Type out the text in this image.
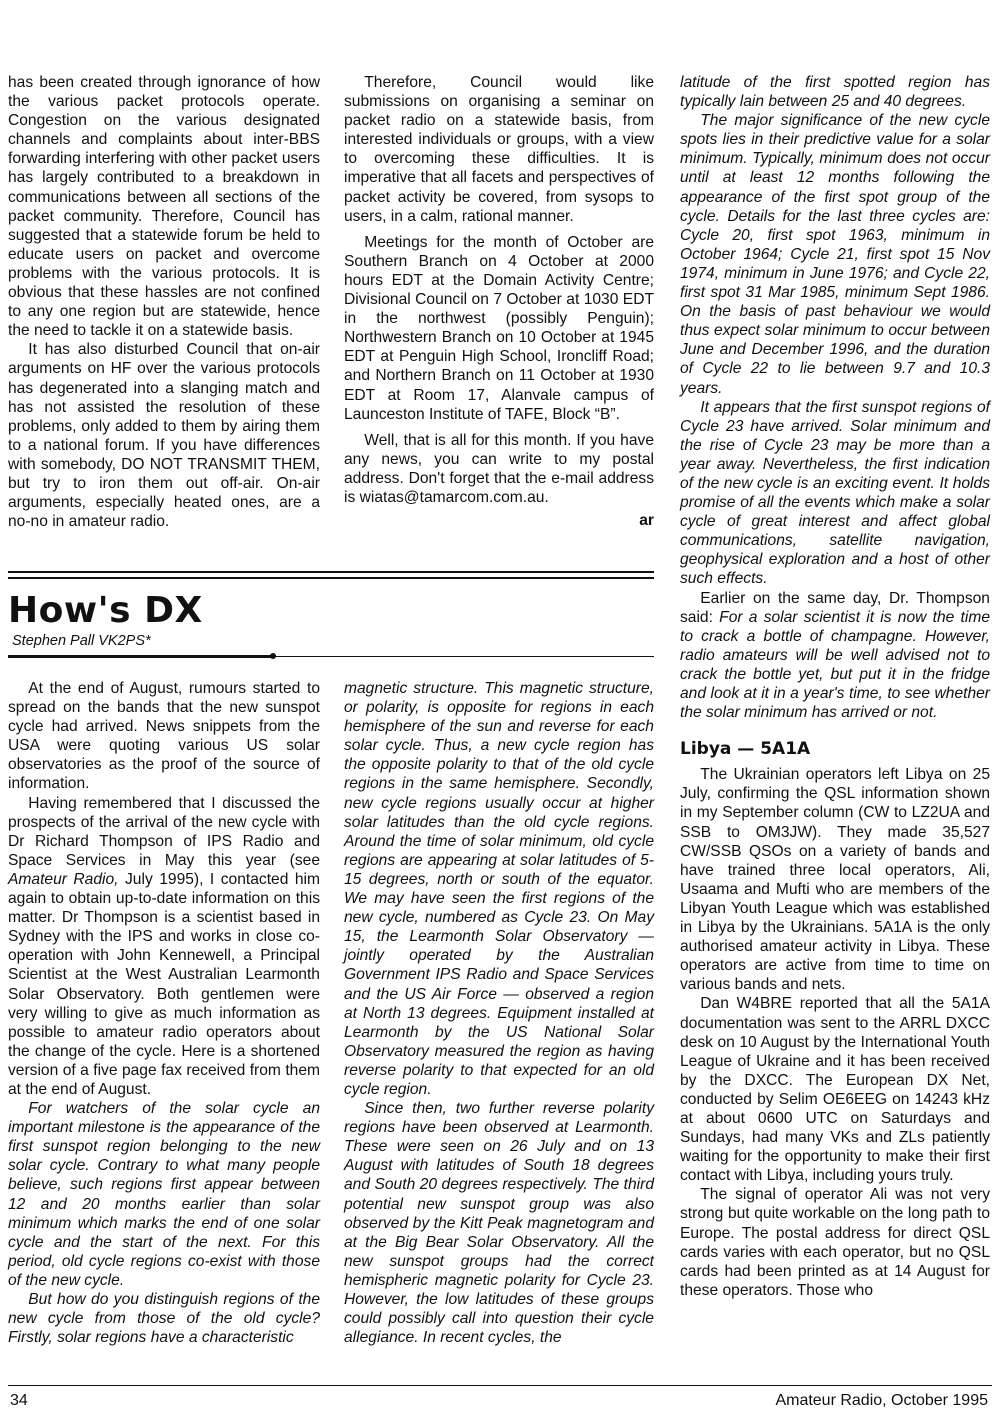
has been created through ignorance of how the various packet protocols operate. Congestion on the various designated channels and complaints about inter-BBS forwarding interfering with other packet users has largely contributed to a breakdown in communications between all sections of the packet community. Therefore, Council has suggested that a statewide forum be held to educate users on packet and overcome problems with the various protocols. It is obvious that these hassles are not confined to any one region but are statewide, hence the need to tackle it on a statewide basis.

It has also disturbed Council that on-air arguments on HF over the various protocols has degenerated into a slanging match and has not assisted the resolution of these problems, only added to them by airing them to a national forum. If you have differences with somebody, DO NOT TRANSMIT THEM, but try to iron them out off-air. On-air arguments, especially heated ones, are a no-no in amateur radio.

Therefore, Council would like submissions on organising a seminar on packet radio on a statewide basis, from interested individuals or groups, with a view to overcoming these difficulties. It is imperative that all facets and perspectives of packet activity be covered, from sysops to users, in a calm, rational manner.

Meetings for the month of October are Southern Branch on 4 October at 2000 hours EDT at the Domain Activity Centre; Divisional Council on 7 October at 1030 EDT in the northwest (possibly Penguin); Northwestern Branch on 10 October at 1945 EDT at Penguin High School, Ironcliff Road; and Northern Branch on 11 October at 1930 EDT at Room 17, Alanvale campus of Launceston Institute of TAFE, Block “B”.

Well, that is all for this month. If you have any news, you can write to my postal address. Don't forget that the e-mail address is wiatas@tamarcom.com.au.

ar

latitude of the first spotted region has typically lain between 25 and 40 degrees.

The major significance of the new cycle spots lies in their predictive value for a solar minimum. Typically, minimum does not occur until at least 12 months following the appearance of the first spot group of the cycle. Details for the last three cycles are: Cycle 20, first spot 1963, minimum in October 1964; Cycle 21, first spot 15 Nov 1974, minimum in June 1976; and Cycle 22, first spot 31 Mar 1985, minimum Sept 1986. On the basis of past behaviour we would thus expect solar minimum to occur between June and December 1996, and the duration of Cycle 22 to lie between 9.7 and 10.3 years.

It appears that the first sunspot regions of Cycle 23 have arrived. Solar minimum and the rise of Cycle 23 may be more than a year away. Nevertheless, the first indication of the new cycle is an exciting event. It holds promise of all the events which make a solar cycle of great interest and affect global communications, satellite navigation, geophysical exploration and a host of other such effects.

Earlier on the same day, Dr. Thompson said: For a solar scientist it is now the time to crack a bottle of champagne. However, radio amateurs will be well advised not to crack the bottle yet, but put it in the fridge and look at it in a year's time, to see whether the solar minimum has arrived or not.

Libya — 5A1A

The Ukrainian operators left Libya on 25 July, confirming the QSL information shown in my September column (CW to LZ2UA and SSB to OM3JW). They made 35,527 CW/SSB QSOs on a variety of bands and have trained three local operators, Ali, Usaama and Mufti who are members of the Libyan Youth League which was established in Libya by the Ukrainians. 5A1A is the only authorised amateur activity in Libya. These operators are active from time to time on various bands and nets.

Dan W4BRE reported that all the 5A1A documentation was sent to the ARRL DXCC desk on 10 August by the International Youth League of Ukraine and it has been received by the DXCC. The European DX Net, conducted by Selim OE6EEG on 14243 kHz at about 0600 UTC on Saturdays and Sundays, had many VKs and ZLs patiently waiting for the opportunity to make their first contact with Libya, including yours truly.

The signal of operator Ali was not very strong but quite workable on the long path to Europe. The postal address for direct QSL cards varies with each operator, but no QSL cards had been printed as at 14 August for these operators. Those who

How's DX
Stephen Pall VK2PS*

At the end of August, rumours started to spread on the bands that the new sunspot cycle had arrived. News snippets from the USA were quoting various US solar observatories as the proof of the source of information.

Having remembered that I discussed the prospects of the arrival of the new cycle with Dr Richard Thompson of IPS Radio and Space Services in May this year (see Amateur Radio, July 1995), I contacted him again to obtain up-to-date information on this matter. Dr Thompson is a scientist based in Sydney with the IPS and works in close co-operation with John Kennewell, a Principal Scientist at the West Australian Learmonth Solar Observatory. Both gentlemen were very willing to give as much information as possible to amateur radio operators about the change of the cycle. Here is a shortened version of a five page fax received from them at the end of August.

For watchers of the solar cycle an important milestone is the appearance of the first sunspot region belonging to the new solar cycle. Contrary to what many people believe, such regions first appear between 12 and 20 months earlier than solar minimum which marks the end of one solar cycle and the start of the next. For this period, old cycle regions co-exist with those of the new cycle.

But how do you distinguish regions of the new cycle from those of the old cycle? Firstly, solar regions have a characteristic

magnetic structure. This magnetic structure, or polarity, is opposite for regions in each hemisphere of the sun and reverse for each solar cycle. Thus, a new cycle region has the opposite polarity to that of the old cycle regions in the same hemisphere. Secondly, new cycle regions usually occur at higher solar latitudes than the old cycle regions. Around the time of solar minimum, old cycle regions are appearing at solar latitudes of 5-15 degrees, north or south of the equator. We may have seen the first regions of the new cycle, numbered as Cycle 23. On May 15, the Learmonth Solar Observatory — jointly operated by the Australian Government IPS Radio and Space Services and the US Air Force — observed a region at North 13 degrees. Equipment installed at Learmonth by the US National Solar Observatory measured the region as having reverse polarity to that expected for an old cycle region.

Since then, two further reverse polarity regions have been observed at Learmonth. These were seen on 26 July and on 13 August with latitudes of South 18 degrees and South 20 degrees respectively. The third potential new sunspot group was also observed by the Kitt Peak magnetogram and at the Big Bear Solar Observatory. All the new sunspot groups had the correct hemispheric magnetic polarity for Cycle 23. However, the low latitudes of these groups could possibly call into question their cycle allegiance. In recent cycles, the

34	Amateur Radio, October 1995
